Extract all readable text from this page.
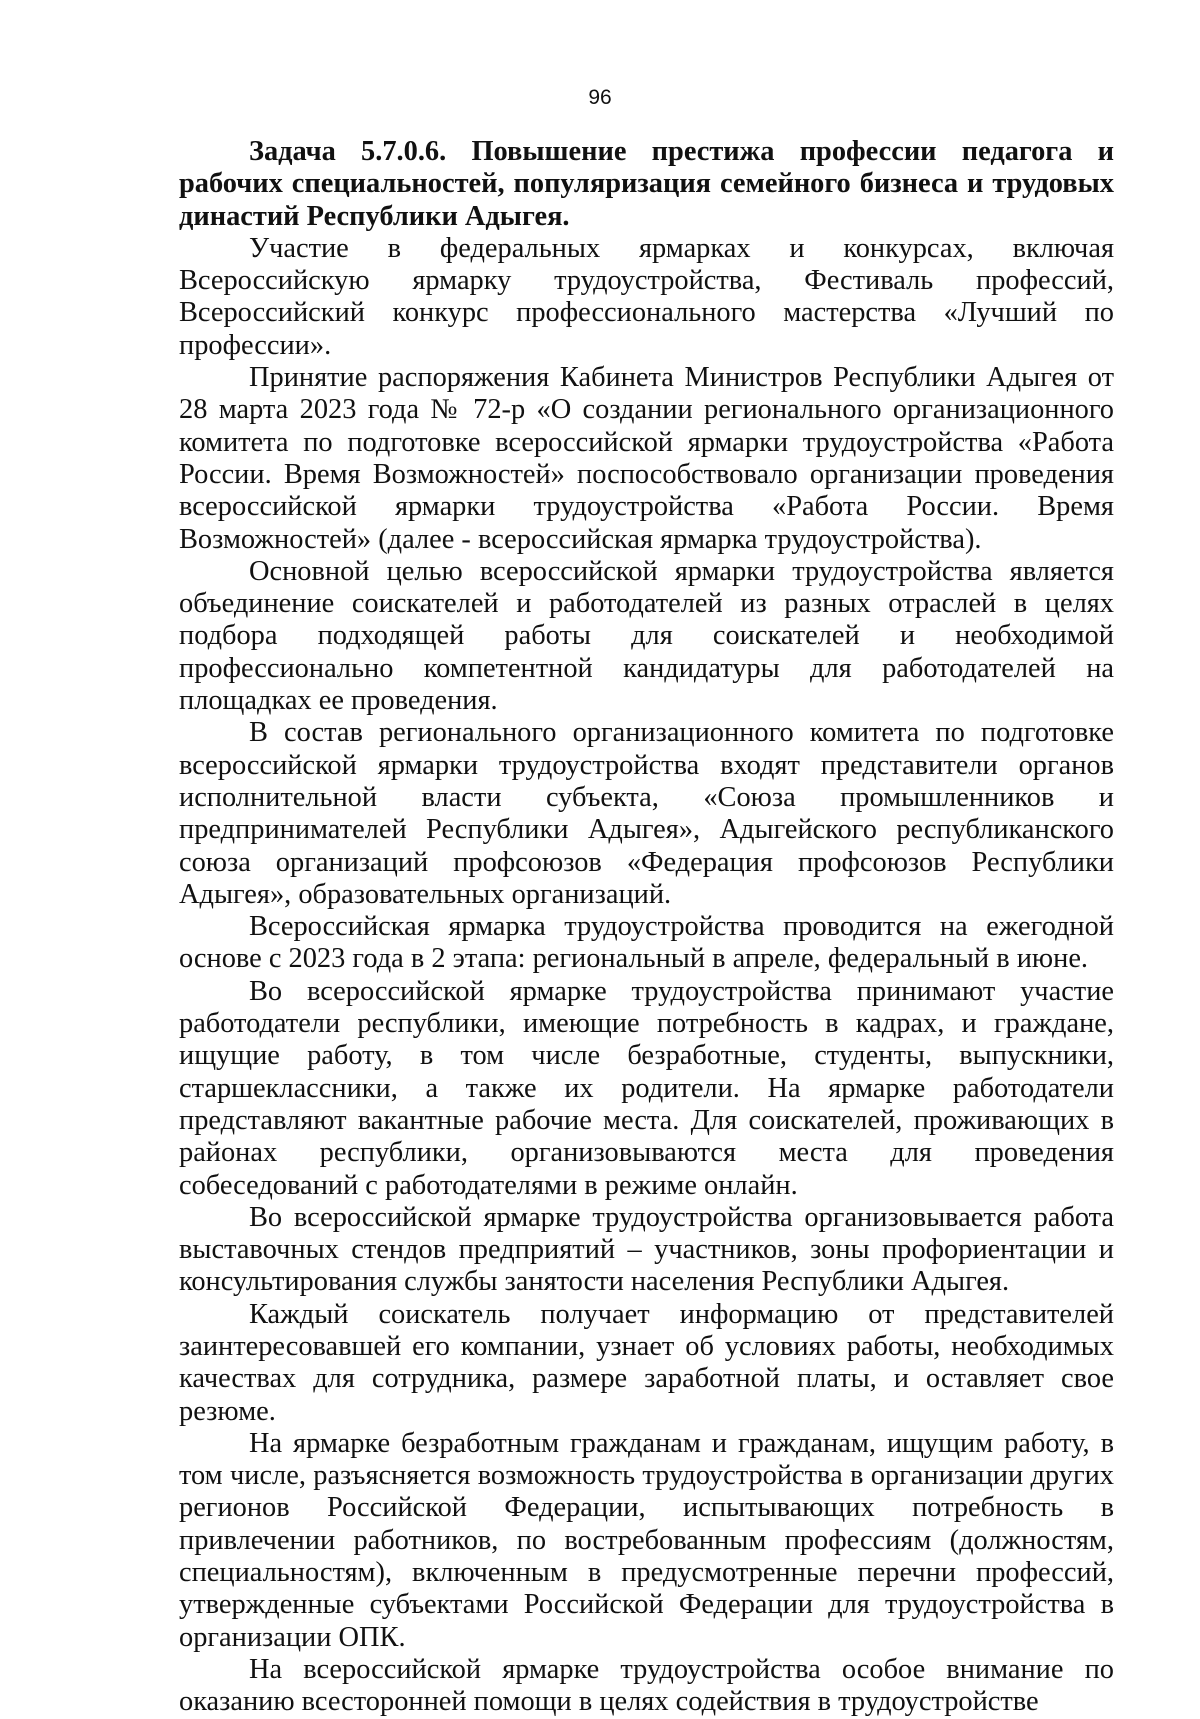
96

Задача 5.7.0.6. Повышение престижа профессии педагога и рабочих специальностей, популяризация семейного бизнеса и трудовых династий Республики Адыгея.

Участие в федеральных ярмарках и конкурсах, включая Всероссийскую ярмарку трудоустройства, Фестиваль профессий, Всероссийский конкурс профессионального мастерства «Лучший по профессии».

Принятие распоряжения Кабинета Министров Республики Адыгея от 28 марта 2023 года № 72-р «О создании регионального организационного комитета по подготовке всероссийской ярмарки трудоустройства «Работа России. Время Возможностей» поспособствовало организации проведения всероссийской ярмарки трудоустройства «Работа России. Время Возможностей» (далее - всероссийская ярмарка трудоустройства).

Основной целью всероссийской ярмарки трудоустройства является объединение соискателей и работодателей из разных отраслей в целях подбора подходящей работы для соискателей и необходимой профессионально компетентной кандидатуры для работодателей на площадках ее проведения.

В состав регионального организационного комитета по подготовке всероссийской ярмарки трудоустройства входят представители органов исполнительной власти субъекта, «Союза промышленников и предпринимателей Республики Адыгея», Адыгейского республиканского союза организаций профсоюзов «Федерация профсоюзов Республики Адыгея», образовательных организаций.

Всероссийская ярмарка трудоустройства проводится на ежегодной основе с 2023 года в 2 этапа: региональный в апреле, федеральный в июне.

Во всероссийской ярмарке трудоустройства принимают участие работодатели республики, имеющие потребность в кадрах, и граждане, ищущие работу, в том числе безработные, студенты, выпускники, старшеклассники, а также их родители. На ярмарке работодатели представляют вакантные рабочие места. Для соискателей, проживающих в районах республики, организовываются места для проведения собеседований с работодателями в режиме онлайн.

Во всероссийской ярмарке трудоустройства организовывается работа выставочных стендов предприятий – участников, зоны профориентации и консультирования службы занятости населения Республики Адыгея.

Каждый соискатель получает информацию от представителей заинтересовавшей его компании, узнает об условиях работы, необходимых качествах для сотрудника, размере заработной платы, и оставляет свое резюме.

На ярмарке безработным гражданам и гражданам, ищущим работу, в том числе, разъясняется возможность трудоустройства в организации других регионов Российской Федерации, испытывающих потребность в привлечении работников, по востребованным профессиям (должностям, специальностям), включенным в предусмотренные перечни профессий, утвержденные субъектами Российской Федерации для трудоустройства в организации ОПК.

На всероссийской ярмарке трудоустройства особое внимание по оказанию всесторонней помощи в целях содействия в трудоустройстве
